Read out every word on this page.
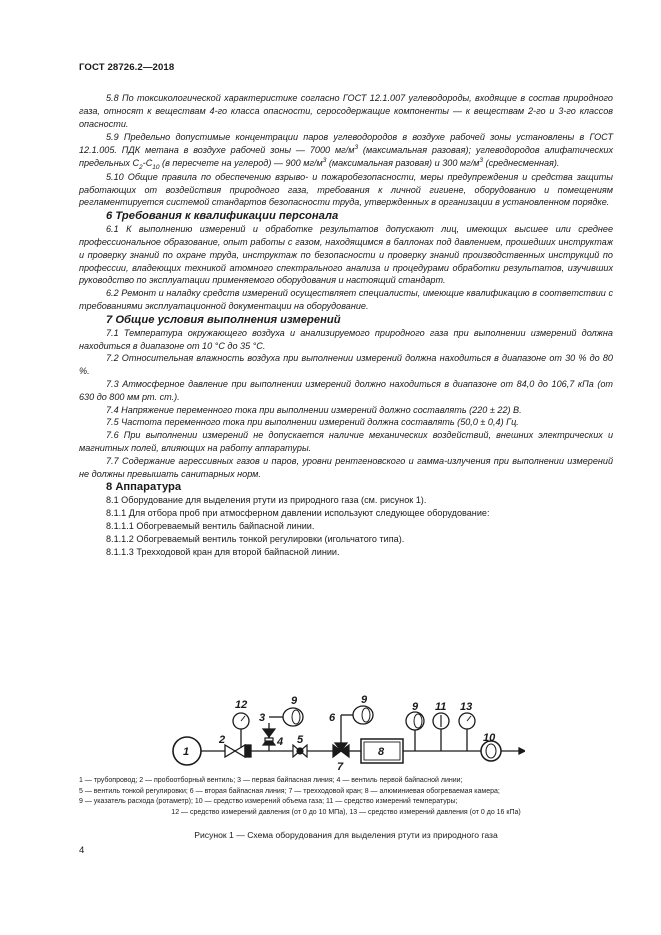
ГОСТ 28726.2—2018

5.8 По токсикологической характеристике согласно ГОСТ 12.1.007 углеводороды, входящие в состав природного газа, относят к веществам 4-го класса опасности, серосодержащие компоненты — к веществам 2-го и 3-го классов опасности.

5.9 Предельно допустимые концентрации паров углеводородов в воздухе рабочей зоны установлены в ГОСТ 12.1.005. ПДК метана в воздухе рабочей зоны — 7000 $мг/м^3$ (максимальная разовая); углеводородов алифатических предельных $C_2-C_{10}$ (в пересчете на углерод) — 900 $мг/м^3$ (максимальная разовая) и 300 $мг/м^3$ (среднесменная).

5.10 Общие правила по обеспечению взрыво- и пожаробезопасности, меры предупреждения и средства защиты работающих от воздействия природного газа, требования к личной гигиене, оборудованию и помещениям регламентируется системой стандартов безопасности труда, утвержденных в организации в установленном порядке.

6 Требования к квалификации персонала

6.1 К выполнению измерений и обработке результатов допускают лиц, имеющих высшее или среднее профессиональное образование, опыт работы с газом, находящимся в баллонах под давлением, прошедших инструктаж и проверку знаний по охране труда, инструктаж по безопасности и проверку знаний производственных инструкций по профессии, владеющих техникой атомного спектрального анализа и процедурами обработки результатов, изучивших руководство по эксплуатации применяемого оборудования и настоящий стандарт.

6.2 Ремонт и наладку средств измерений осуществляет специалисты, имеющие квалификацию в соответствии с требованиями эксплуатационной документации на оборудование.

7 Общие условия выполнения измерений

7.1 Температура окружающего воздуха и анализируемого природного газа при выполнении измерений должна находиться в диапазоне от 10 °С до 35 °С.

7.2 Относительная влажность воздуха при выполнении измерений должна находиться в диапазоне от 30 % до 80 %.

7.3 Атмосферное давление при выполнении измерений должно находиться в диапазоне от 84,0 до 106,7 кПа (от 630 до 800 мм рт. ст.).

7.4 Напряжение переменного тока при выполнении измерений должно составлять (220 ± 22) В.

7.5 Частота переменного тока при выполнении измерений должна составлять (50,0 ± 0,4) Гц.

7.6 При выполнении измерений не допускается наличие механических воздействий, внешних электрических и магнитных полей, влияющих на работу аппаратуры.

7.7 Содержание агрессивных газов и паров, уровни рентгеновского и гамма-излучения при выполнении измерений не должны превышать санитарных норм.

8 Аппаратура

8.1 Оборудование для выделения ртути из природного газа (см. рисунок 1).

8.1.1 Для отбора проб при атмосферном давлении используют следующее оборудование:

8.1.1.1 Обогреваемый вентиль байпасной линии.

8.1.1.2 Обогреваемый вентиль тонкой регулировки (игольчатого типа).

8.1.1.3 Трехходовой кран для второй байпасной линии.

1
2
12
3
4
9
5
6
7
9
8
9 11 13
10
1 — трубопровод; 2 — пробоотборный вентиль; 3 — первая байпасная линия; 4 — вентиль первой байпасной линии;
5 — вентиль тонкой регулировки; 6 — вторая байпасная линия; 7 — трехходовой кран; 8 — алюминиевая обогреваемая камера;
9 — указатель расхода (ротаметр); 10 — средство измерений объема газа; 11 — средство измерений температуры;
12 — средство измерений давления (от 0 до 10 МПа), 13 — средство измерений давления (от 0 до 16 кПа)
Рисунок 1 — Схема оборудования для выделения ртути из природного газа
4
